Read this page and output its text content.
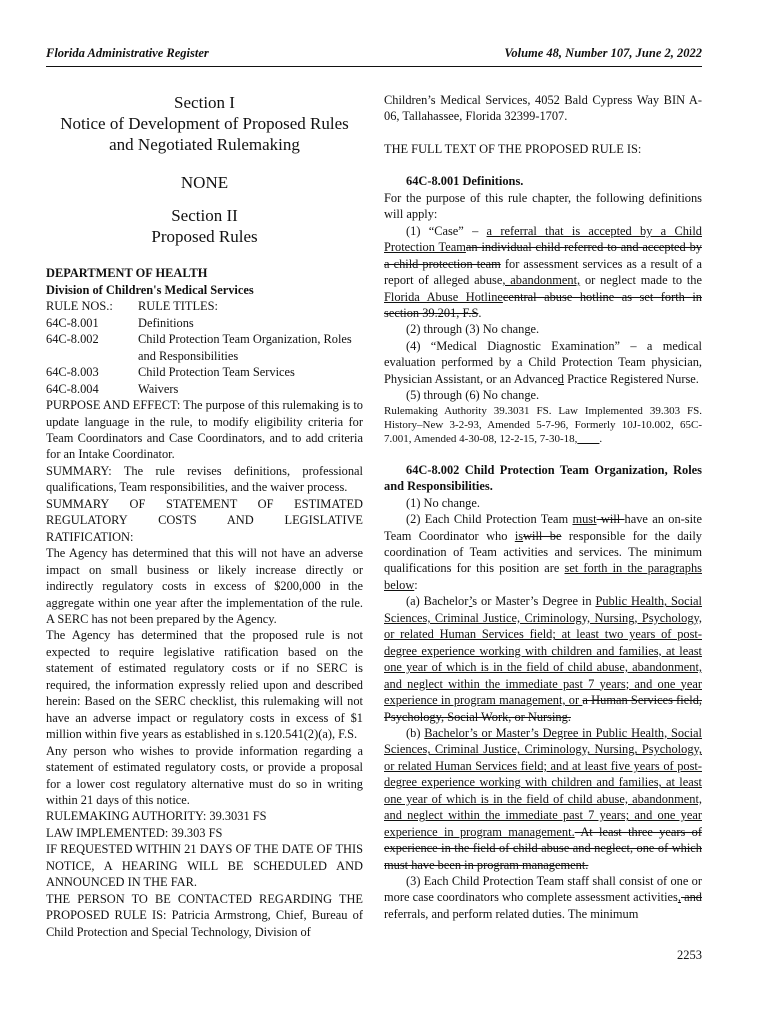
Florida Administrative Register	Volume 48, Number 107, June 2, 2022
Section I
Notice of Development of Proposed Rules
and Negotiated Rulemaking
NONE
Section II
Proposed Rules
DEPARTMENT OF HEALTH
Division of Children's Medical Services
RULE NOS.:	RULE TITLES:
64C-8.001	Definitions
64C-8.002	Child Protection Team Organization, Roles and Responsibilities
64C-8.003	Child Protection Team Services
64C-8.004	Waivers
PURPOSE AND EFFECT: The purpose of this rulemaking is to update language in the rule, to modify eligibility criteria for Team Coordinators and Case Coordinators, and to add criteria for an Intake Coordinator.
SUMMARY: The rule revises definitions, professional qualifications, Team responsibilities, and the waiver process.
SUMMARY OF STATEMENT OF ESTIMATED REGULATORY COSTS AND LEGISLATIVE RATIFICATION:
The Agency has determined that this will not have an adverse impact on small business or likely increase directly or indirectly regulatory costs in excess of $200,000 in the aggregate within one year after the implementation of the rule. A SERC has not been prepared by the Agency.
The Agency has determined that the proposed rule is not expected to require legislative ratification based on the statement of estimated regulatory costs or if no SERC is required, the information expressly relied upon and described herein: Based on the SERC checklist, this rulemaking will not have an adverse impact or regulatory costs in excess of $1 million within five years as established in s.120.541(2)(a), F.S.
Any person who wishes to provide information regarding a statement of estimated regulatory costs, or provide a proposal for a lower cost regulatory alternative must do so in writing within 21 days of this notice.
RULEMAKING AUTHORITY: 39.3031 FS
LAW IMPLEMENTED: 39.303 FS
IF REQUESTED WITHIN 21 DAYS OF THE DATE OF THIS NOTICE, A HEARING WILL BE SCHEDULED AND ANNOUNCED IN THE FAR.
THE PERSON TO BE CONTACTED REGARDING THE PROPOSED RULE IS: Patricia Armstrong, Chief, Bureau of Child Protection and Special Technology, Division of
Children’s Medical Services, 4052 Bald Cypress Way BIN A-06, Tallahassee, Florida 32399-1707.
THE FULL TEXT OF THE PROPOSED RULE IS:
64C-8.001 Definitions.
For the purpose of this rule chapter, the following definitions will apply:
(1) “Case” – a referral that is accepted by a Child Protection Teaman individual child referred to and accepted by a child protection team for assessment services as a result of a report of alleged abuse, abandonment, or neglect made to the Florida Abuse Hotlinecentral abuse hotline as set forth in section 39.201, F.S.
(2) through (3) No change.
(4) “Medical Diagnostic Examination” – a medical evaluation performed by a Child Protection Team physician, Physician Assistant, or an Advanced Practice Registered Nurse.
(5) through (6) No change.
Rulemaking Authority 39.3031 FS. Law Implemented 39.303 FS. History–New 3-2-93, Amended 5-7-96, Formerly 10J-10.002, 65C-7.001, Amended 4-30-08, 12-2-15, 7-30-18,____.
64C-8.002 Child Protection Team Organization, Roles and Responsibilities.
(1) No change.
(2) Each Child Protection Team must will have an on-site Team Coordinator who iswill be responsible for the daily coordination of Team activities and services. The minimum qualifications for this position are set forth in the paragraphs below:
(a) Bachelor’s or Master’s Degree in Public Health, Social Sciences, Criminal Justice, Criminology, Nursing, Psychology, or related Human Services field; at least two years of post-degree experience working with children and families, at least one year of which is in the field of child abuse, abandonment, and neglect within the immediate past 7 years; and one year experience in program management, or a Human Services field, Psychology, Social Work, or Nursing.
(b) Bachelor’s or Master’s Degree in Public Health, Social Sciences, Criminal Justice, Criminology, Nursing, Psychology, or related Human Services field; and at least five years of post-degree experience working with children and families, at least one year of which is in the field of child abuse, abandonment, and neglect within the immediate past 7 years; and one year experience in program management. At least three years of experience in the field of child abuse and neglect, one of which must have been in program management.
(3) Each Child Protection Team staff shall consist of one or more case coordinators who complete assessment activities, and referrals, and perform related duties. The minimum
2253
